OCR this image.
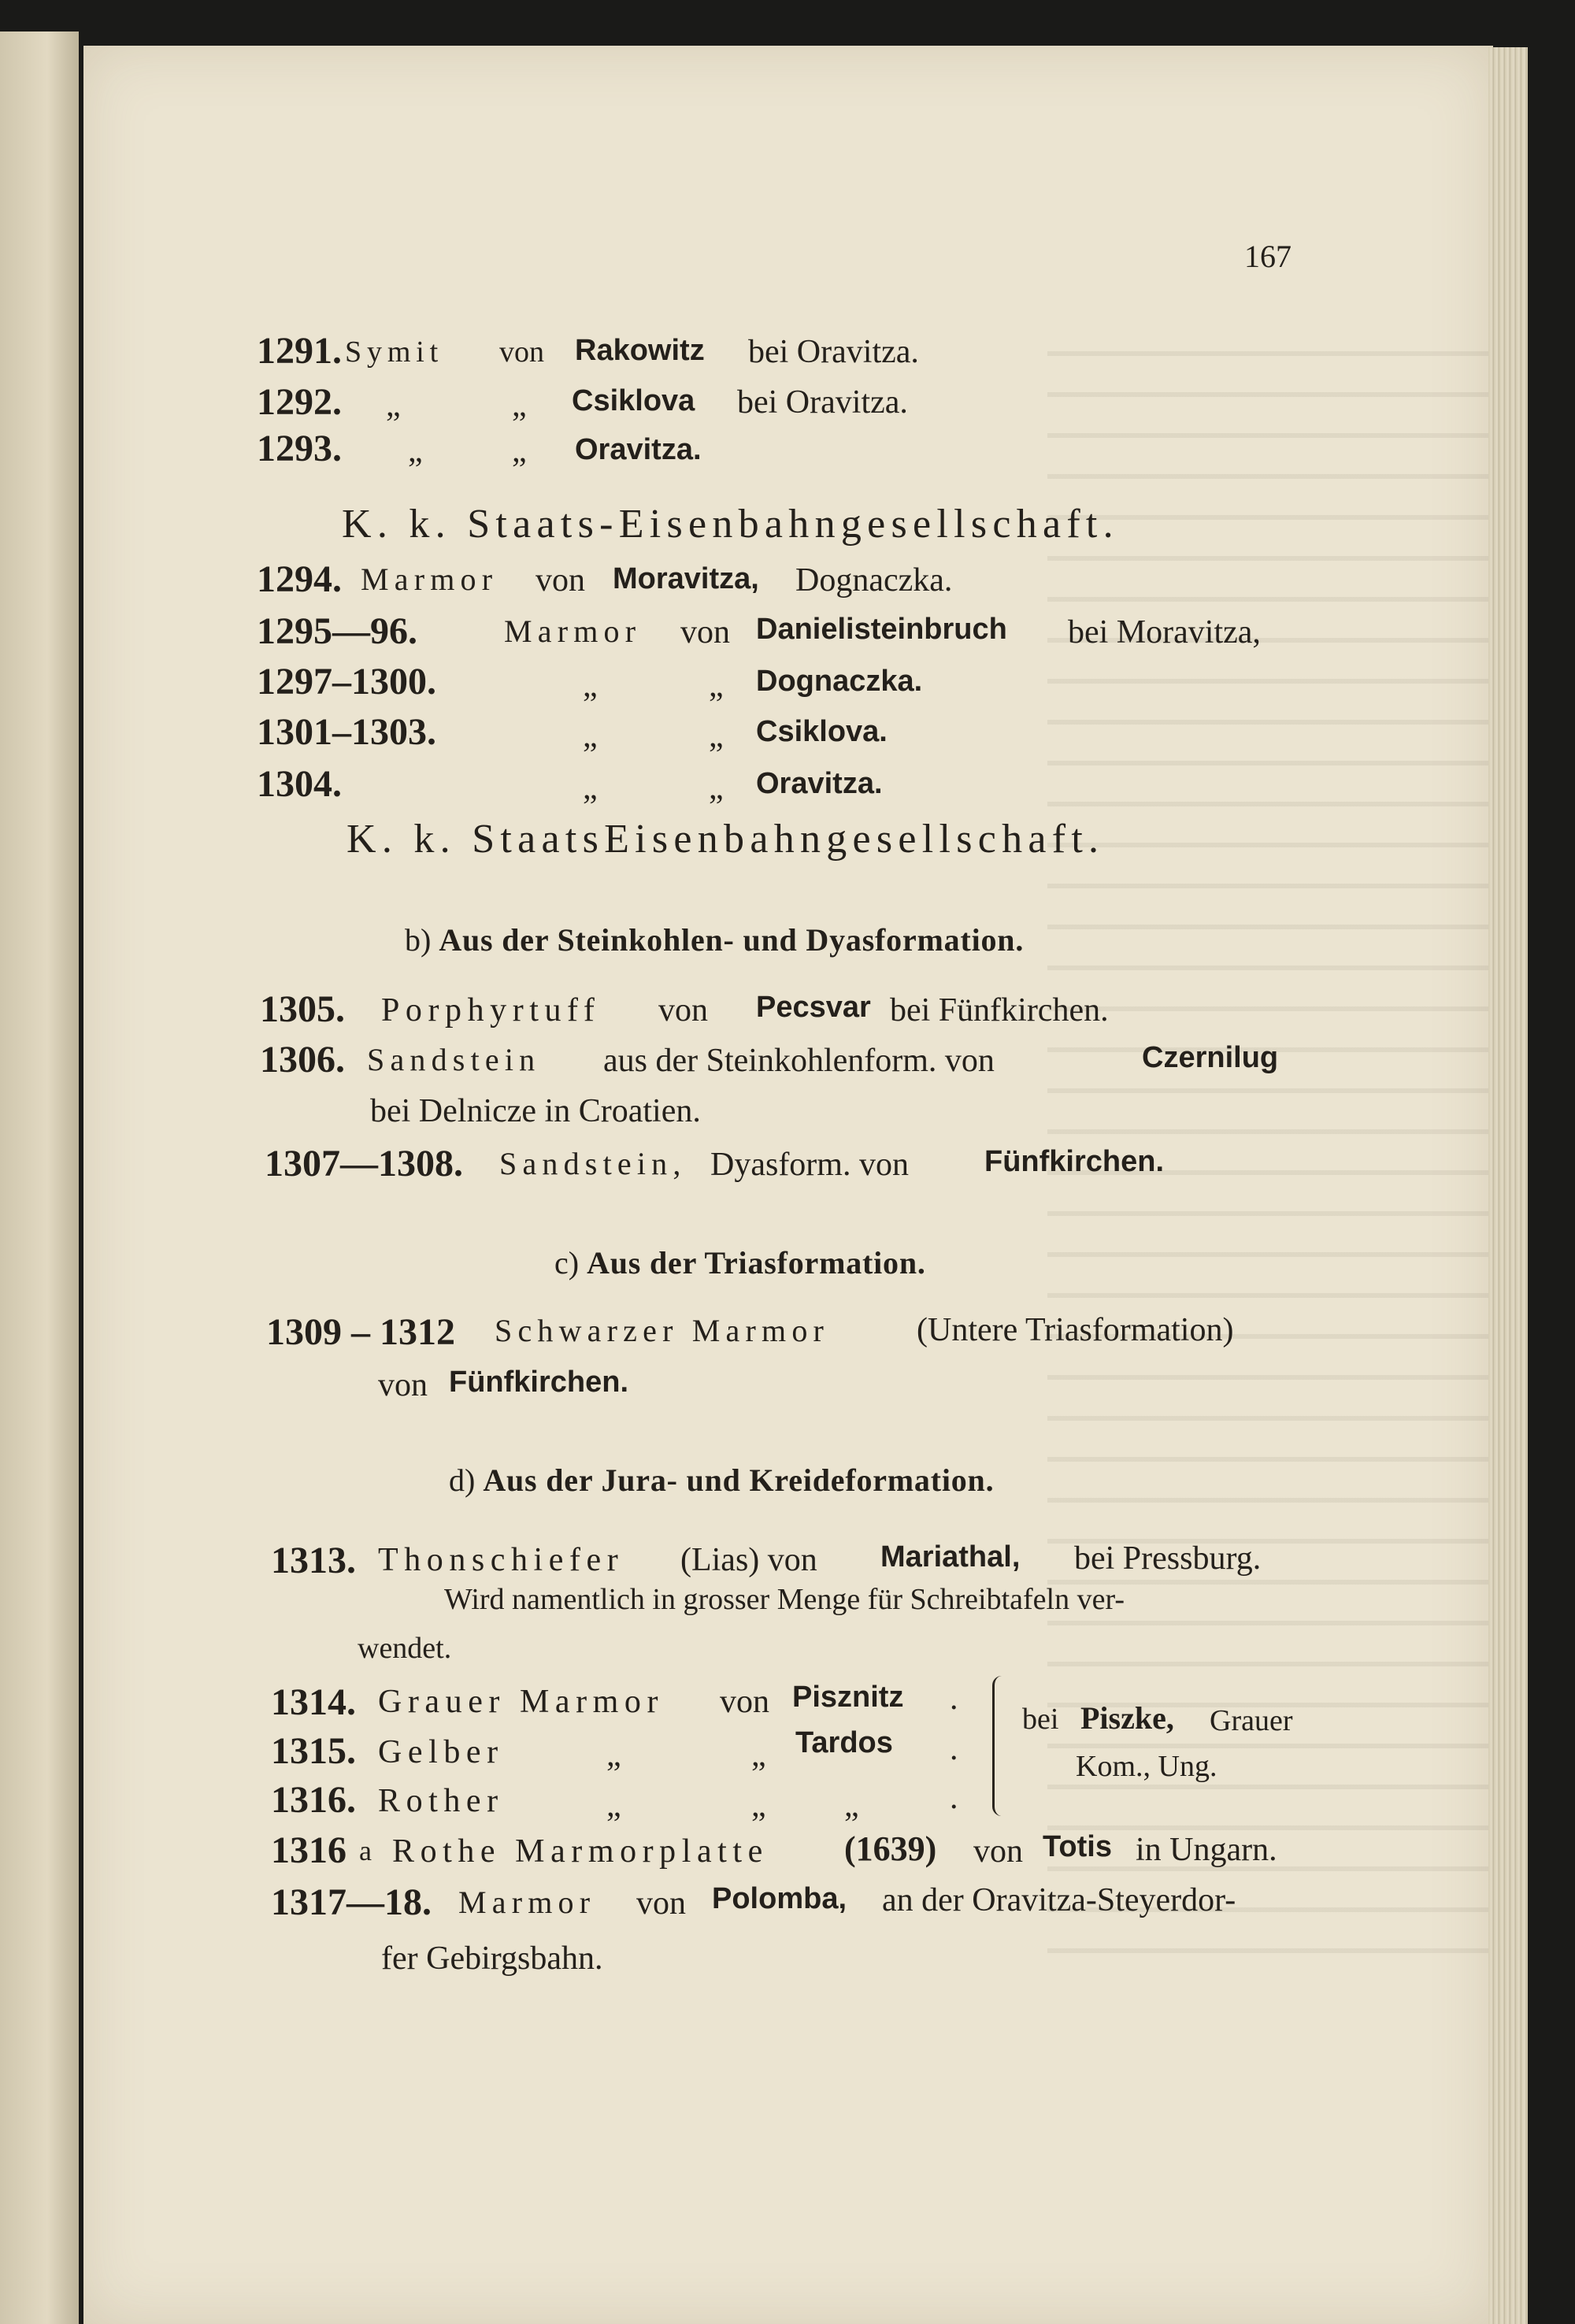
167
1291. Symit von Rakowitz bei Oravitza.
1292. „	„ Csiklova bei Oravitza.
1293. „	„ Oravitza.
K. k. Staats-Eisenbahngesellschaft.
1294. Marmor von Moravitza, Dognaczka.
1295—96.	Marmor von Danielisteinbruch bei Moravitza,
1297–1300.	„	„ Dognaczka.
1301–1303.	„	„ Csiklova.
1304.	„	„ Oravitza.
K. k. StaatsEisenbahngesellschaft.
b) Aus der Steinkohlen- und Dyasformation.
1305. Porphyrtuff von Pecsvar bei Fünfkirchen.
1306. Sandstein aus der Steinkohlenform. von	Czernilug
bei Delnicze in Croatien.
1307—1308. Sandstein, Dyasform. von	Fünfkirchen.
c) Aus der Triasformation.
1309 – 1312 Schwarzer Marmor	(Untere Triasformation)
von Fünfkirchen.
d) Aus der Jura- und Kreideformation.
1313. Thonschiefer (Lias) von Mariathal, bei Pressburg.
Wird namentlich in grosser Menge für Schreibtafeln ver-
wendet.
1314. Grauer Marmor von Pisznitz .
1315. Gelber	„	„ Tardos .
1316. Rother	„	„ „	.
bei Piszke, Grauer
Kom., Ung.
1316 a Rothe Marmorplatte (1639) von Totis in Ungarn.
1317—18. Marmor von Polomba, an der Oravitza-Steyerdor-
fer Gebirgsbahn.
